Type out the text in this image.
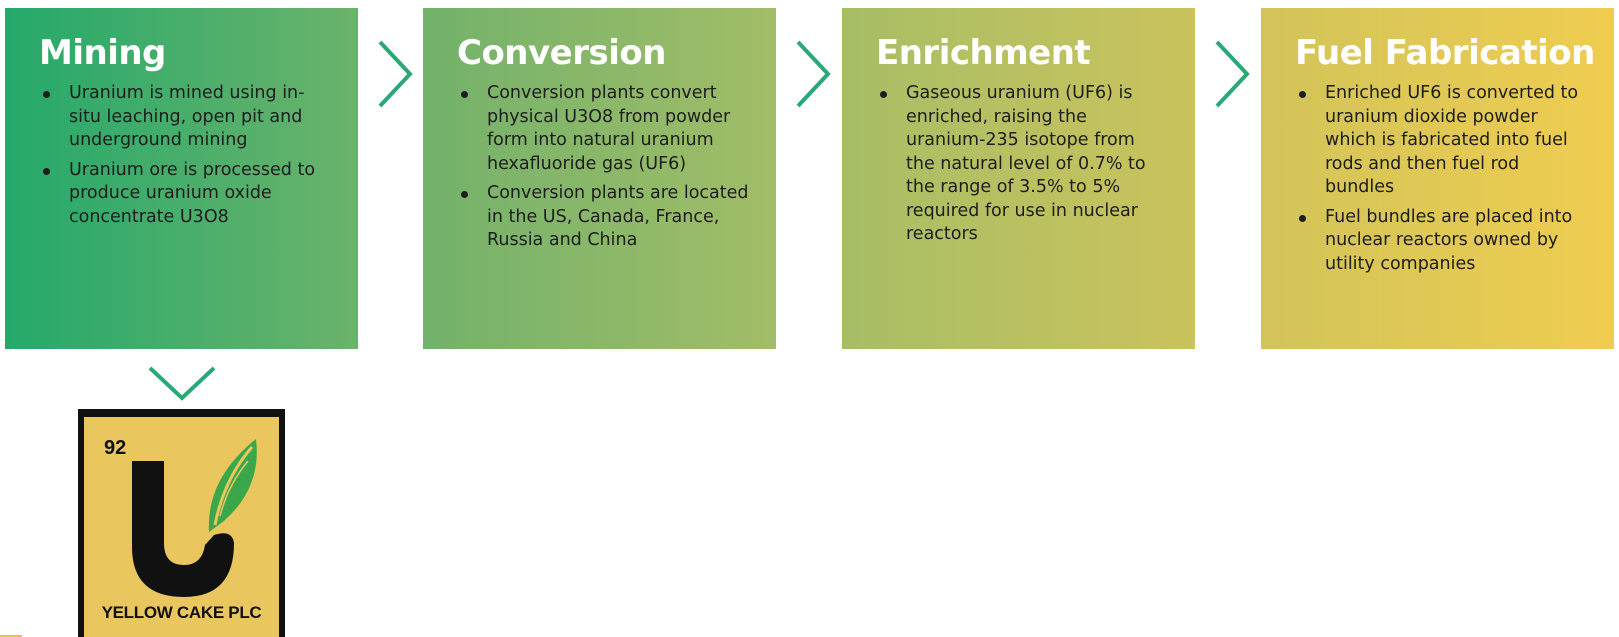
Mining
Uranium is mined using in-situ leaching, open pit and underground mining
Uranium ore is processed to produce uranium oxide concentrate U3O8
Conversion
Conversion plants convert physical U3O8 from powder form into natural uranium hexafluoride gas (UF6)
Conversion plants are located in the US, Canada, France, Russia and China
Enrichment
Gaseous uranium (UF6) is enriched, raising the uranium-235 isotope from the natural level of 0.7% to the range of 3.5% to 5% required for use in nuclear reactors
Fuel Fabrication
Enriched UF6 is converted to uranium dioxide powder which is fabricated into fuel rods and then fuel rod bundles
Fuel bundles are placed into nuclear reactors owned by utility companies
92
YELLOW CAKE PLC
